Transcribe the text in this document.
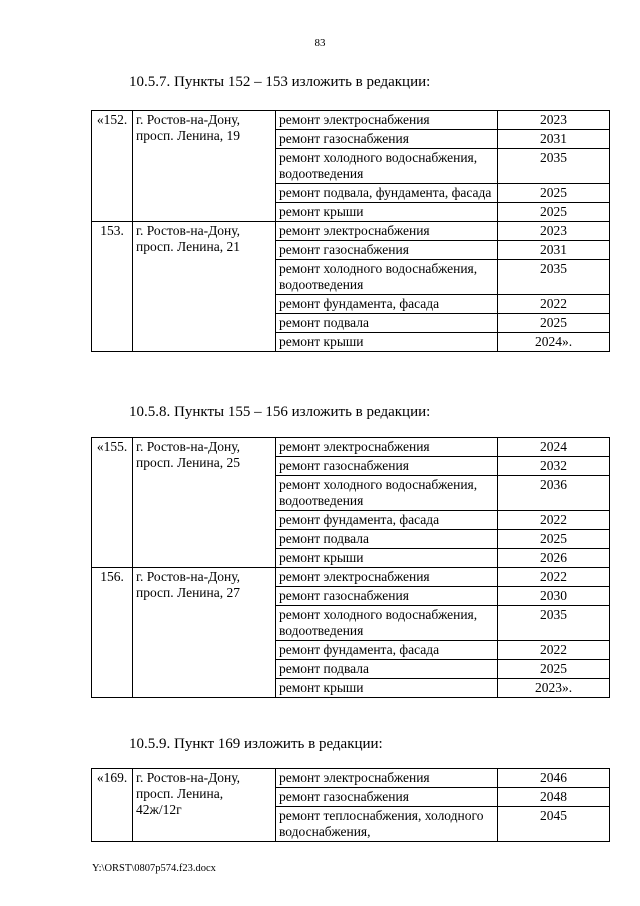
83
10.5.7. Пункты 152 – 153 изложить в редакции:
«152.	г. Ростов-на-Дону, просп. Ленина, 19	ремонт электроснабжения	2023
		ремонт газоснабжения	2031
		ремонт холодного водоснабжения, водоотведения	2035
		ремонт подвала, фундамента, фасада	2025
		ремонт крыши	2025
153.	г. Ростов-на-Дону, просп. Ленина, 21	ремонт электроснабжения	2023
		ремонт газоснабжения	2031
		ремонт холодного водоснабжения, водоотведения	2035
		ремонт фундамента, фасада	2022
		ремонт подвала	2025
		ремонт крыши	2024».
10.5.8. Пункты 155 – 156 изложить в редакции:
«155.	г. Ростов-на-Дону, просп. Ленина, 25	ремонт электроснабжения	2024
		ремонт газоснабжения	2032
		ремонт холодного водоснабжения, водоотведения	2036
		ремонт фундамента, фасада	2022
		ремонт подвала	2025
		ремонт крыши	2026
156.	г. Ростов-на-Дону, просп. Ленина, 27	ремонт электроснабжения	2022
		ремонт газоснабжения	2030
		ремонт холодного водоснабжения, водоотведения	2035
		ремонт фундамента, фасада	2022
		ремонт подвала	2025
		ремонт крыши	2023».
10.5.9. Пункт 169 изложить в редакции:
«169.	г. Ростов-на-Дону, просп. Ленина, 42ж/12г	ремонт электроснабжения	2046
		ремонт газоснабжения	2048
		ремонт теплоснабжения, холодного водоснабжения,	2045
Y:\ORST\0807p574.f23.docx
